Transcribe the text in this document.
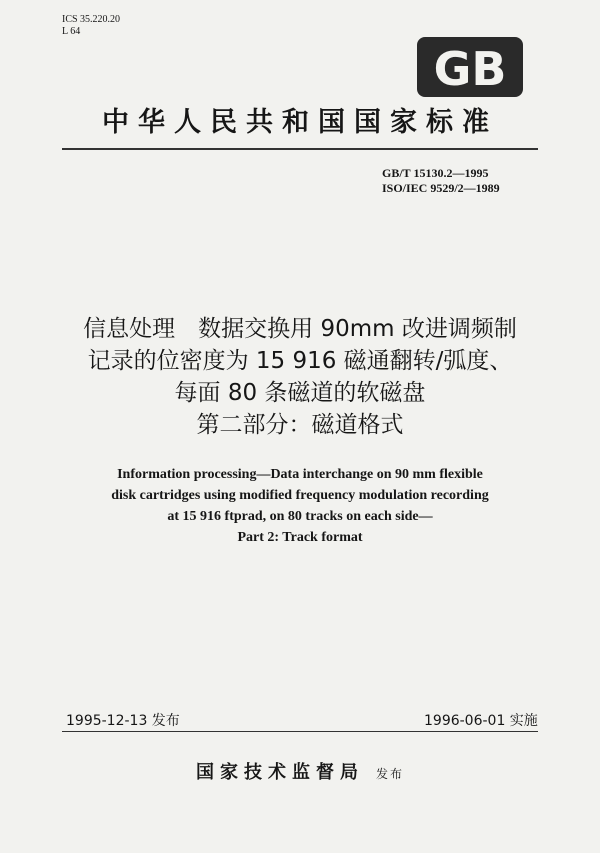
ICS 35.220.20
L 64
GB
中华人民共和国国家标准
GB/T 15130.2—1995
ISO/IEC 9529/2—1989
信息处理　数据交换用 90mm 改进调频制
记录的位密度为 15 916 磁通翻转/弧度、
每面 80 条磁道的软磁盘
第二部分：磁道格式
Information processing—Data interchange on 90 mm flexible
disk cartridges using modified frequency modulation recording
at 15 916 ftprad, on 80 tracks on each side—
Part 2: Track format
1995-12-13 发布	1996-06-01 实施
国家技术监督局 发布
